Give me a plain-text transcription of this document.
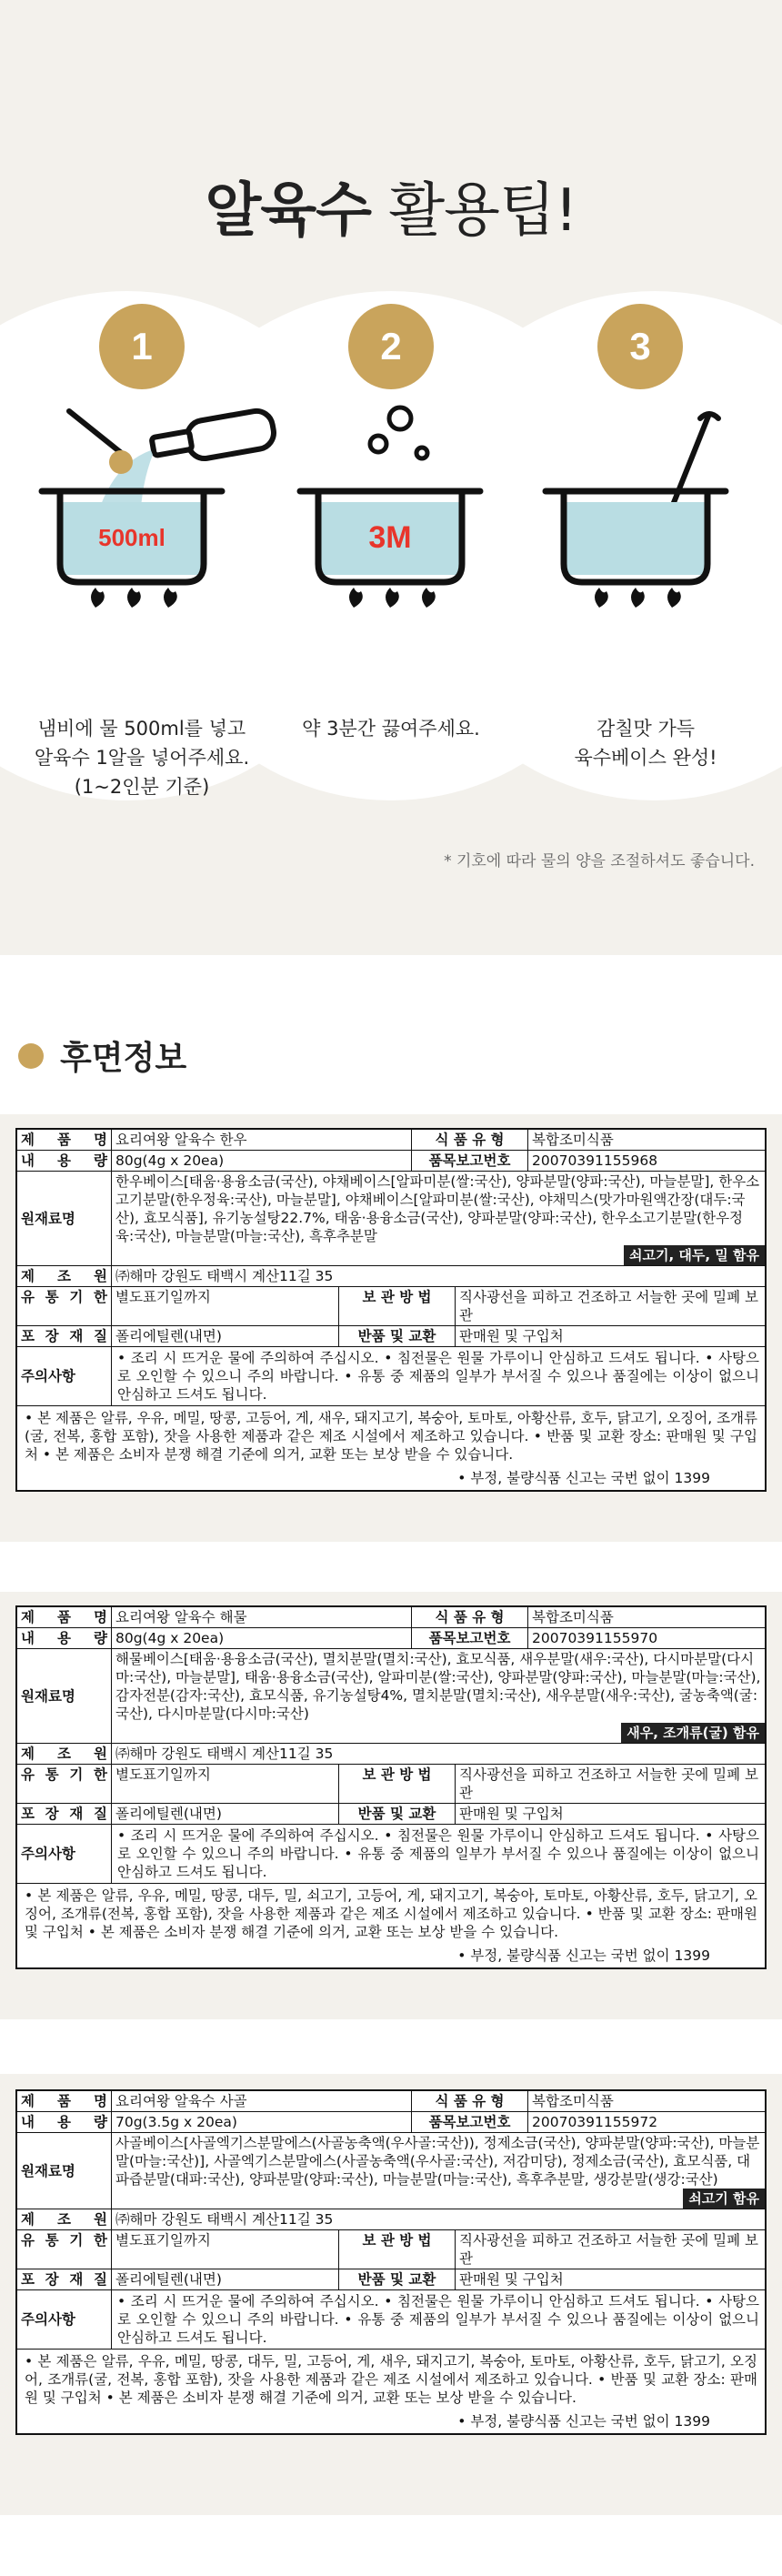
알육수 활용팁!
1	2	3
500ml	3M
냄비에 물 500ml를 넣고
알육수 1알을 넣어주세요.
(1~2인분 기준)
약 3분간 끓여주세요.	감칠맛 가득
육수베이스 완성!
* 기호에 따라 물의 양을 조절하셔도 좋습니다.
후면정보
제 품 명 요리여왕 알육수 한우	식 품 유 형	복합조미식품
내 용 량 80g(4g x 20ea)	품목보고번호	20070391155968
원재료명
한우베이스[태움·용융소금(국산), 야채베이스[알파미분(쌀:국산), 양파분말(양파:국산), 마늘분말], 한우소고기분말(한우정육:국산), 마늘분말], 야채베이스[알파미분(쌀:국산), 야채믹스(맛가마원액간장(대두:국산), 효모식품], 유기농설탕22.7%, 태움·용융소금(국산), 양파분말(양파:국산), 한우소고기분말(한우정육:국산), 마늘분말(마늘:국산), 흑후추분말
쇠고기, 대두, 밀 함유
제 조 원 ㈜해마 강원도 태백시 계산11길 35
유 통 기 한 별도표기일까지	보 관 방 법	직사광선을 피하고 건조하고 서늘한 곳에 밀폐 보관
포 장 재 질 폴리에틸렌(내면)	반품 및 교환	판매원 및 구입처
주의사항
• 조리 시 뜨거운 물에 주의하여 주십시오. • 침전물은 원물 가루이니 안심하고 드셔도 됩니다. • 사탕으로 오인할 수 있으니 주의 바랍니다. • 유통 중 제품의 일부가 부서질 수 있으나 품질에는 이상이 없으니 안심하고 드셔도 됩니다.
• 본 제품은 알류, 우유, 메밀, 땅콩, 고등어, 게, 새우, 돼지고기, 복숭아, 토마토, 아황산류, 호두, 닭고기, 오징어, 조개류(굴, 전복, 홍합 포함), 잣을 사용한 제품과 같은 제조 시설에서 제조하고 있습니다. • 반품 및 교환 장소: 판매원 및 구입처 • 본 제품은 소비자 분쟁 해결 기준에 의거, 교환 또는 보상 받을 수 있습니다.
• 부정, 불량식품 신고는 국번 없이 1399
제 품 명 요리여왕 알육수 해물	식 품 유 형	복합조미식품
내 용 량 80g(4g x 20ea)	품목보고번호	20070391155970
원재료명
해물베이스[태움·용융소금(국산), 멸치분말(멸치:국산), 효모식품, 새우분말(새우:국산), 다시마분말(다시마:국산), 마늘분말], 태움·용융소금(국산), 알파미분(쌀:국산), 양파분말(양파:국산), 마늘분말(마늘:국산), 감자전분(감자:국산), 효모식품, 유기농설탕4%, 멸치분말(멸치:국산), 새우분말(새우:국산), 굴농축액(굴:국산), 다시마분말(다시마:국산)
새우, 조개류(굴) 함유
제 조 원 ㈜해마 강원도 태백시 계산11길 35
유 통 기 한 별도표기일까지	보 관 방 법	직사광선을 피하고 건조하고 서늘한 곳에 밀폐 보관
포 장 재 질 폴리에틸렌(내면)	반품 및 교환	판매원 및 구입처
주의사항
• 조리 시 뜨거운 물에 주의하여 주십시오. • 침전물은 원물 가루이니 안심하고 드셔도 됩니다. • 사탕으로 오인할 수 있으니 주의 바랍니다. • 유통 중 제품의 일부가 부서질 수 있으나 품질에는 이상이 없으니 안심하고 드셔도 됩니다.
• 본 제품은 알류, 우유, 메밀, 땅콩, 대두, 밀, 쇠고기, 고등어, 게, 돼지고기, 복숭아, 토마토, 아황산류, 호두, 닭고기, 오징어, 조개류(전복, 홍합 포함), 잣을 사용한 제품과 같은 제조 시설에서 제조하고 있습니다. • 반품 및 교환 장소: 판매원 및 구입처 • 본 제품은 소비자 분쟁 해결 기준에 의거, 교환 또는 보상 받을 수 있습니다.
• 부정, 불량식품 신고는 국번 없이 1399
제 품 명 요리여왕 알육수 사골	식 품 유 형	복합조미식품
내 용 량 70g(3.5g x 20ea)	품목보고번호	20070391155972
원재료명
사골베이스[사골엑기스분말에스(사골농축액(우사골:국산)), 정제소금(국산), 양파분말(양파:국산), 마늘분말(마늘:국산)], 사골엑기스분말에스(사골농축액(우사골:국산), 저감미당), 정제소금(국산), 효모식품, 대파즙분말(대파:국산), 양파분말(양파:국산), 마늘분말(마늘:국산), 흑후추분말, 생강분말(생강:국산)
쇠고기 함유
제 조 원 ㈜해마 강원도 태백시 계산11길 35
유 통 기 한 별도표기일까지	보 관 방 법	직사광선을 피하고 건조하고 서늘한 곳에 밀폐 보관
포 장 재 질 폴리에틸렌(내면)	반품 및 교환	판매원 및 구입처
주의사항
• 조리 시 뜨거운 물에 주의하여 주십시오. • 침전물은 원물 가루이니 안심하고 드셔도 됩니다. • 사탕으로 오인할 수 있으니 주의 바랍니다. • 유통 중 제품의 일부가 부서질 수 있으나 품질에는 이상이 없으니 안심하고 드셔도 됩니다.
• 본 제품은 알류, 우유, 메밀, 땅콩, 대두, 밀, 고등어, 게, 새우, 돼지고기, 복숭아, 토마토, 아황산류, 호두, 닭고기, 오징어, 조개류(굴, 전복, 홍합 포함), 잣을 사용한 제품과 같은 제조 시설에서 제조하고 있습니다. • 반품 및 교환 장소: 판매원 및 구입처 • 본 제품은 소비자 분쟁 해결 기준에 의거, 교환 또는 보상 받을 수 있습니다.
• 부정, 불량식품 신고는 국번 없이 1399
